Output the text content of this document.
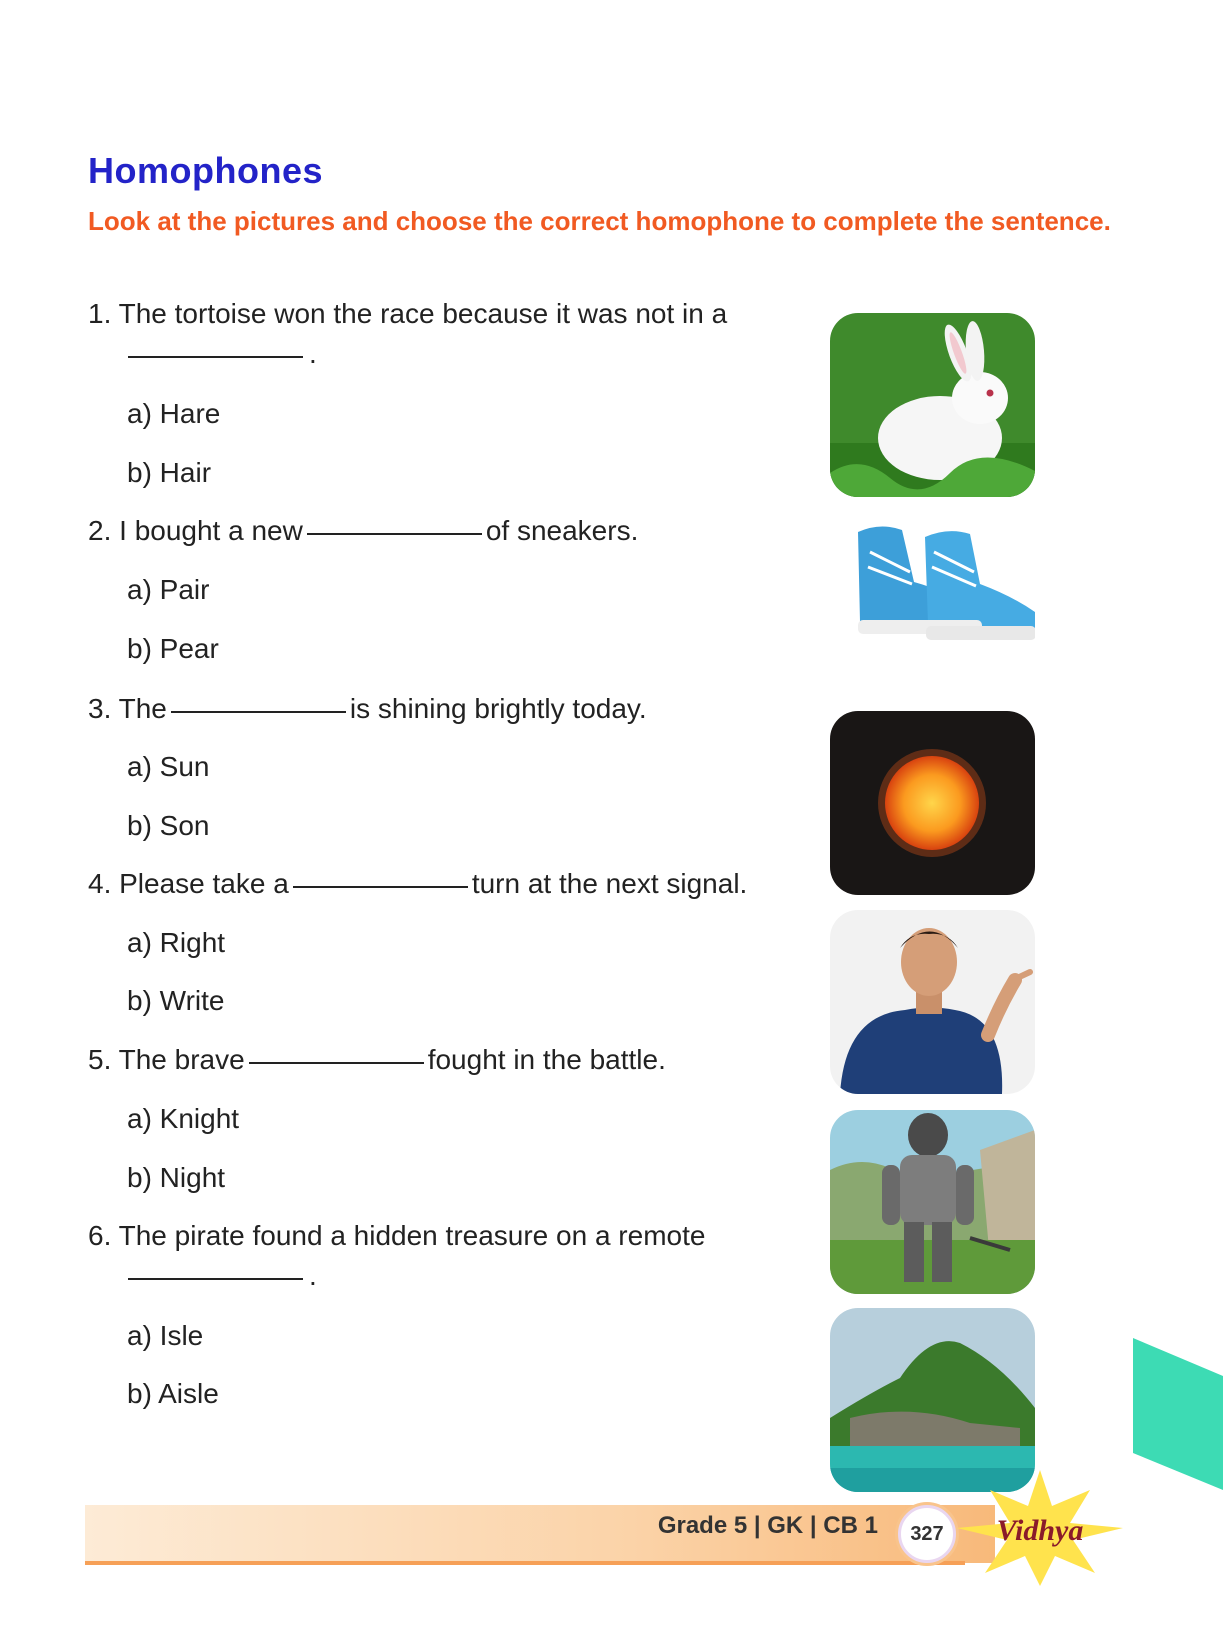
Homophones

Look at the pictures and choose the correct homophone to complete the sentence.

1. The tortoise won the race because it was not in a
.
a) Hare
b) Hair
2. I bought a new	of sneakers.
a) Pair
b) Pear
3. The	is shining brightly today.
a) Sun
b) Son
4. Please take a	turn at the next signal.
a) Right
b) Write
5. The brave	fought in the battle.
a) Knight
b) Night
6. The pirate found a hidden treasure on a remote
.
a) Isle
b) Aisle
Grade 5 | GK | CB 1	327	Vidhya
